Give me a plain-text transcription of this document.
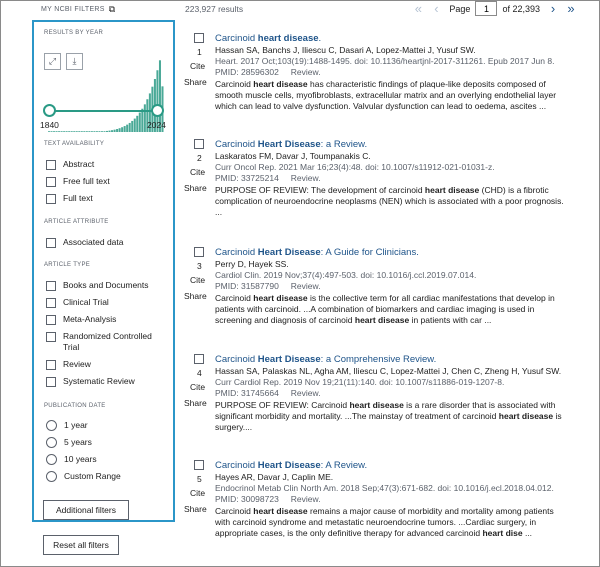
MY NCBI FILTERS ⧉	223,927 results	« ‹	Page
1	of 22,393 › »
RESULTS BY YEAR
⤢	⤓
1840	2024
TEXT AVAILABILITY
Abstract
Free full text
Full text
ARTICLE ATTRIBUTE
Associated data
ARTICLE TYPE
Books and Documents
Clinical Trial
Meta-Analysis
Randomized Controlled Trial
Review
Systematic Review
PUBLICATION DATE
1 year
5 years
10 years
Custom Range
Additional filters
Reset all filters
1
Cite
Share
Carcinoid heart disease.
Hassan SA, Banchs J, Iliescu C, Dasari A, Lopez-Mattei J, Yusuf SW.
Heart. 2017 Oct;103(19):1488-1495. doi: 10.1136/heartjnl-2017-311261. Epub 2017 Jun 8.
PMID: 28596302 Review.
Carcinoid heart disease has characteristic findings of plaque-like deposits composed of smooth muscle cells, myofibroblasts, extracellular matrix and an overlying endothelial layer which can lead to valve dysfunction. Valvular dysfunction can lead to oedema, ascites ...
2
Cite
Share
Carcinoid Heart Disease: a Review.
Laskaratos FM, Davar J, Toumpanakis C.
Curr Oncol Rep. 2021 Mar 16;23(4):48. doi: 10.1007/s11912-021-01031-z.
PMID: 33725214 Review.
PURPOSE OF REVIEW: The development of carcinoid heart disease (CHD) is a fibrotic complication of neuroendocrine neoplasms (NEN) which is associated with a poor prognosis. ...
3
Cite
Share
Carcinoid Heart Disease: A Guide for Clinicians.
Perry D, Hayek SS.
Cardiol Clin. 2019 Nov;37(4):497-503. doi: 10.1016/j.ccl.2019.07.014.
PMID: 31587790 Review.
Carcinoid heart disease is the collective term for all cardiac manifestations that develop in patients with carcinoid. ...A combination of biomarkers and cardiac imaging is used in screening and diagnosis of carcinoid heart disease in patients with car ...
4
Cite
Share
Carcinoid Heart Disease: a Comprehensive Review.
Hassan SA, Palaskas NL, Agha AM, Iliescu C, Lopez-Mattei J, Chen C, Zheng H, Yusuf SW.
Curr Cardiol Rep. 2019 Nov 19;21(11):140. doi: 10.1007/s11886-019-1207-8.
PMID: 31745664 Review.
PURPOSE OF REVIEW: Carcinoid heart disease is a rare disorder that is associated with significant morbidity and mortality. ...The mainstay of treatment of carcinoid heart disease is surgery....
5
Cite
Share
Carcinoid Heart Disease: A Review.
Hayes AR, Davar J, Caplin ME.
Endocrinol Metab Clin North Am. 2018 Sep;47(3):671-682. doi: 10.1016/j.ecl.2018.04.012.
PMID: 30098723 Review.
Carcinoid heart disease remains a major cause of morbidity and mortality among patients with carcinoid syndrome and metastatic neuroendocrine tumors. ...Cardiac surgery, in appropriate cases, is the only definitive therapy for advanced carcinoid heart dise ...
